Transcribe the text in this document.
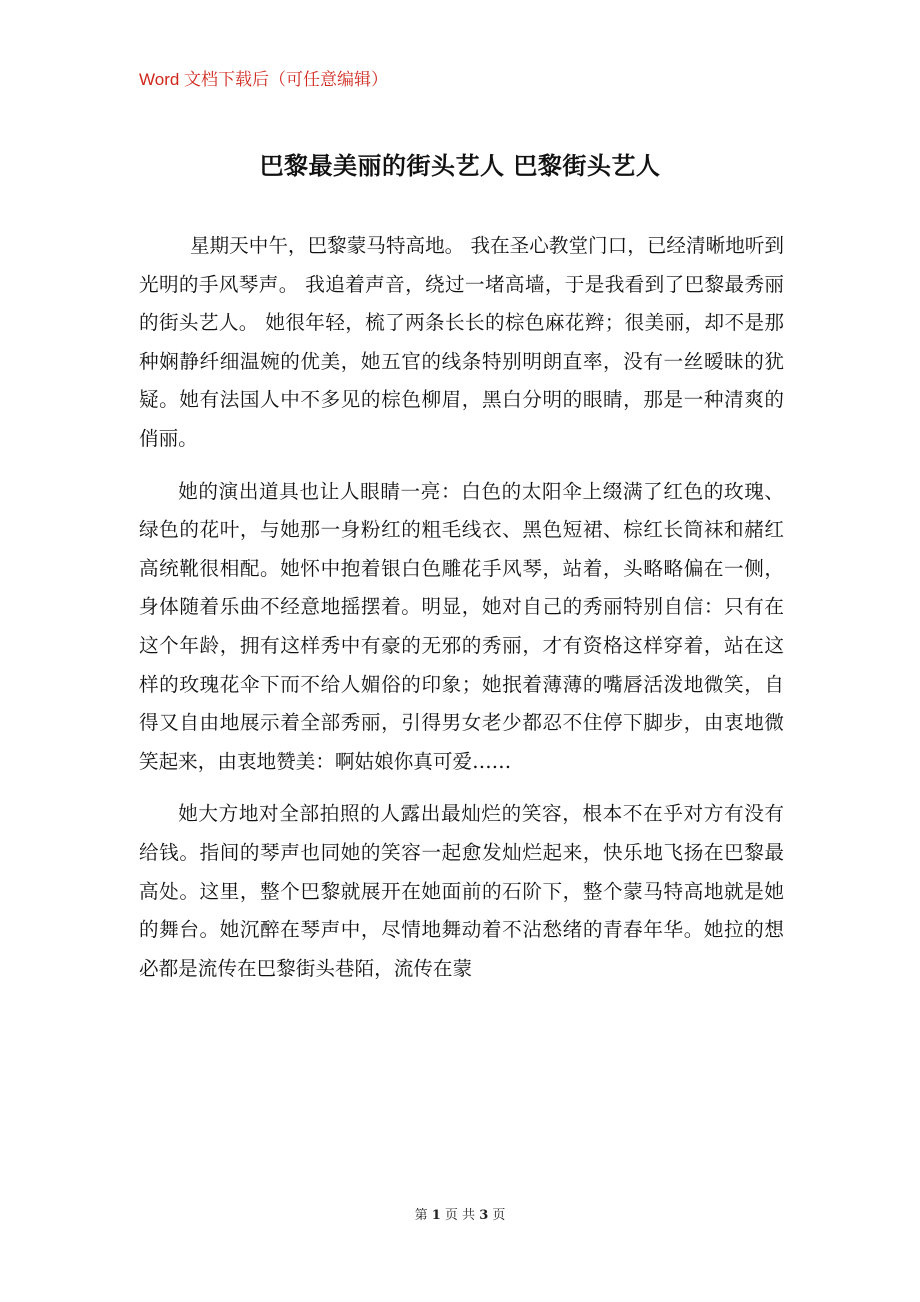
Word 文档下载后（可任意编辑）
巴黎最美丽的街头艺人 巴黎街头艺人

星期天中午，巴黎蒙马特高地。 我在圣心教堂门口，已经清晰地听到光明的手风琴声。 我追着声音，绕过一堵高墙，于是我看到了巴黎最秀丽的街头艺人。 她很年轻，梳了两条长长的棕色麻花辫；很美丽，却不是那种娴静纤细温婉的优美，她五官的线条特别明朗直率，没有一丝暧昧的犹疑。她有法国人中不多见的棕色柳眉，黑白分明的眼睛，那是一种清爽的俏丽。

她的演出道具也让人眼睛一亮：白色的太阳伞上缀满了红色的玫瑰、绿色的花叶，与她那一身粉红的粗毛线衣、黑色短裙、棕红长筒袜和赭红高统靴很相配。她怀中抱着银白色雕花手风琴，站着，头略略偏在一侧，身体随着乐曲不经意地摇摆着。明显，她对自己的秀丽特别自信：只有在这个年龄，拥有这样秀中有豪的无邪的秀丽，才有资格这样穿着，站在这样的玫瑰花伞下而不给人媚俗的印象；她抿着薄薄的嘴唇活泼地微笑，自得又自由地展示着全部秀丽，引得男女老少都忍不住停下脚步，由衷地微笑起来，由衷地赞美：啊姑娘你真可爱……

她大方地对全部拍照的人露出最灿烂的笑容，根本不在乎对方有没有给钱。指间的琴声也同她的笑容一起愈发灿烂起来，快乐地飞扬在巴黎最高处。这里，整个巴黎就展开在她面前的石阶下，整个蒙马特高地就是她的舞台。她沉醉在琴声中，尽情地舞动着不沾愁绪的青春年华。她拉的想必都是流传在巴黎街头巷陌，流传在蒙

第 1 页 共 3 页
